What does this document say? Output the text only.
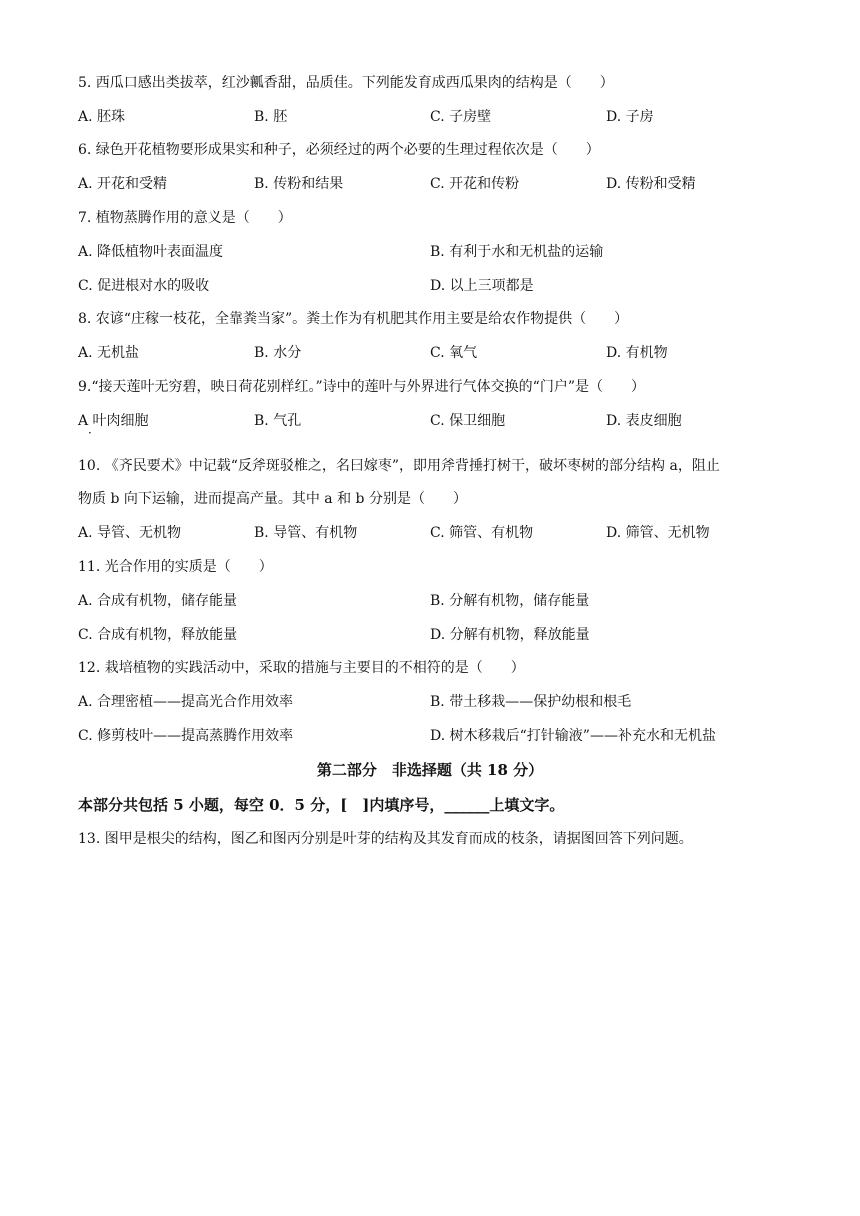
5. 西瓜口感出类拔萃，红沙瓤香甜，品质佳。下列能发育成西瓜果肉的结构是（　　）
A. 胚珠	B. 胚	C. 子房壁	D. 子房
6. 绿色开花植物要形成果实和种子，必须经过的两个必要的生理过程依次是（　　）
A. 开花和受精	B. 传粉和结果	C. 开花和传粉	D. 传粉和受精
7. 植物蒸腾作用的意义是（　　）
A. 降低植物叶表面温度	B. 有利于水和无机盐的运输
C. 促进根对水的吸收	D. 以上三项都是
8. 农谚“庄稼一枝花，全靠粪当家”。粪土作为有机肥其作用主要是给农作物提供（　　）
A. 无机盐	B. 水分	C. 氧气	D. 有机物
9.“接天莲叶无穷碧，映日荷花别样红。”诗中的莲叶与外界进行气体交换的“门户”是（　　）
A 叶肉细胞
·
B. 气孔	C. 保卫细胞	D. 表皮细胞
10. 《齐民要术》中记载“反斧斑驳椎之，名曰嫁枣”，即用斧背捶打树干，破坏枣树的部分结构 a，阻止
物质 b 向下运输，进而提高产量。其中 a 和 b 分别是（　　）
A. 导管、无机物	B. 导管、有机物	C. 筛管、有机物	D. 筛管、无机物
11. 光合作用的实质是（　　）
A. 合成有机物，储存能量	B. 分解有机物，储存能量
C. 合成有机物，释放能量	D. 分解有机物，释放能量
12. 栽培植物的实践活动中，采取的措施与主要目的不相符的是（　　）
A. 合理密植——提高光合作用效率	B. 带土移栽——保护幼根和根毛
C. 修剪枝叶——提高蒸腾作用效率	D. 树木移栽后“打针输液”——补充水和无机盐
第二部分　非选择题（共 18 分）
本部分共包括 5 小题，每空 0．5 分，[　]内填序号，______上填文字。
13. 图甲是根尖的结构，图乙和图丙分别是叶芽的结构及其发育而成的枝条，请据图回答下列问题。
